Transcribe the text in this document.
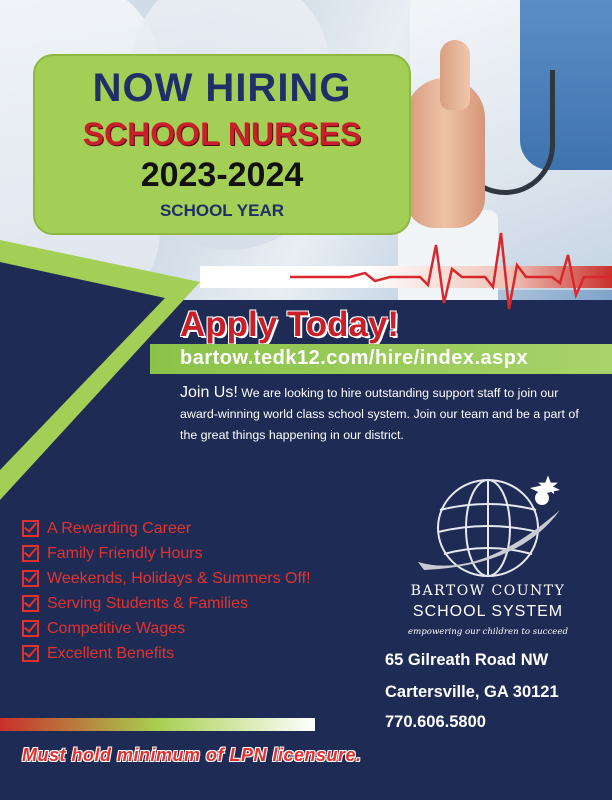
NOW HIRING
SCHOOL NURSES
2023-2024
SCHOOL YEAR
Apply Today!
bartow.tedk12.com/hire/index.aspx
Join Us! We are looking to hire outstanding support staff to join our award-winning world class school system. Join our team and be a part of the great things happening in our district.
A Rewarding Career
Family Friendly Hours
Weekends, Holidays & Summers Off!
Serving Students & Families
Competitive Wages
Excellent Benefits
BARTOW COUNTY
SCHOOL SYSTEM
empowering our children to succeed
65 Gilreath Road NW
Cartersville, GA 30121
770.606.5800
Must hold minimum of LPN licensure.
